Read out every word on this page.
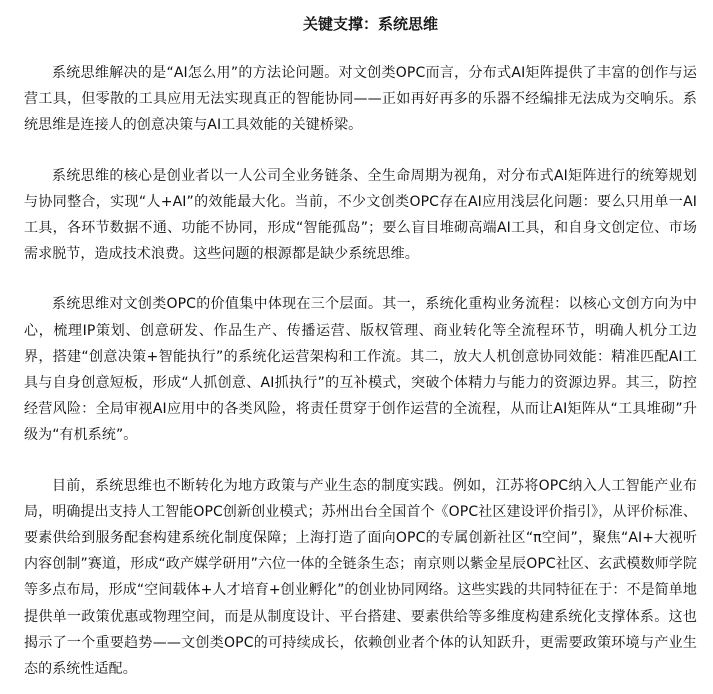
关键支撑：系统思维

系统思维解决的是“AI怎么用”的方法论问题。对文创类OPC而言，分布式AI矩阵提供了丰富的创作与运营工具，但零散的工具应用无法实现真正的智能协同——正如再好再多的乐器不经编排无法成为交响乐。系统思维是连接人的创意决策与AI工具效能的关键桥梁。

系统思维的核心是创业者以一人公司全业务链条、全生命周期为视角，对分布式AI矩阵进行的统筹规划与协同整合，实现“人+AI”的效能最大化。当前，不少文创类OPC存在AI应用浅层化问题：要么只用单一AI工具，各环节数据不通、功能不协同，形成“智能孤岛”；要么盲目堆砌高端AI工具，和自身文创定位、市场需求脱节，造成技术浪费。这些问题的根源都是缺少系统思维。

系统思维对文创类OPC的价值集中体现在三个层面。其一，系统化重构业务流程：以核心文创方向为中心，梳理IP策划、创意研发、作品生产、传播运营、版权管理、商业转化等全流程环节，明确人机分工边界，搭建“创意决策+智能执行”的系统化运营架构和工作流。其二，放大人机创意协同效能：精准匹配AI工具与自身创意短板，形成“人抓创意、AI抓执行”的互补模式，突破个体精力与能力的资源边界。其三，防控经营风险：全局审视AI应用中的各类风险，将责任贯穿于创作运营的全流程，从而让AI矩阵从“工具堆砌”升级为“有机系统”。

目前，系统思维也不断转化为地方政策与产业生态的制度实践。例如，江苏将OPC纳入人工智能产业布局，明确提出支持人工智能OPC创新创业模式；苏州出台全国首个《OPC社区建设评价指引》，从评价标准、要素供给到服务配套构建系统化制度保障；上海打造了面向OPC的专属创新社区“π空间”，聚焦“AI+大视听内容创制”赛道，形成“政产媒学研用”六位一体的全链条生态；南京则以紫金星辰OPC社区、玄武模数师学院等多点布局，形成“空间载体+人才培育+创业孵化”的创业协同网络。这些实践的共同特征在于：不是简单地提供单一政策优惠或物理空间，而是从制度设计、平台搭建、要素供给等多维度构建系统化支撑体系。这也揭示了一个重要趋势——文创类OPC的可持续成长，依赖创业者个体的认知跃升，更需要政策环境与产业生态的系统性适配。
